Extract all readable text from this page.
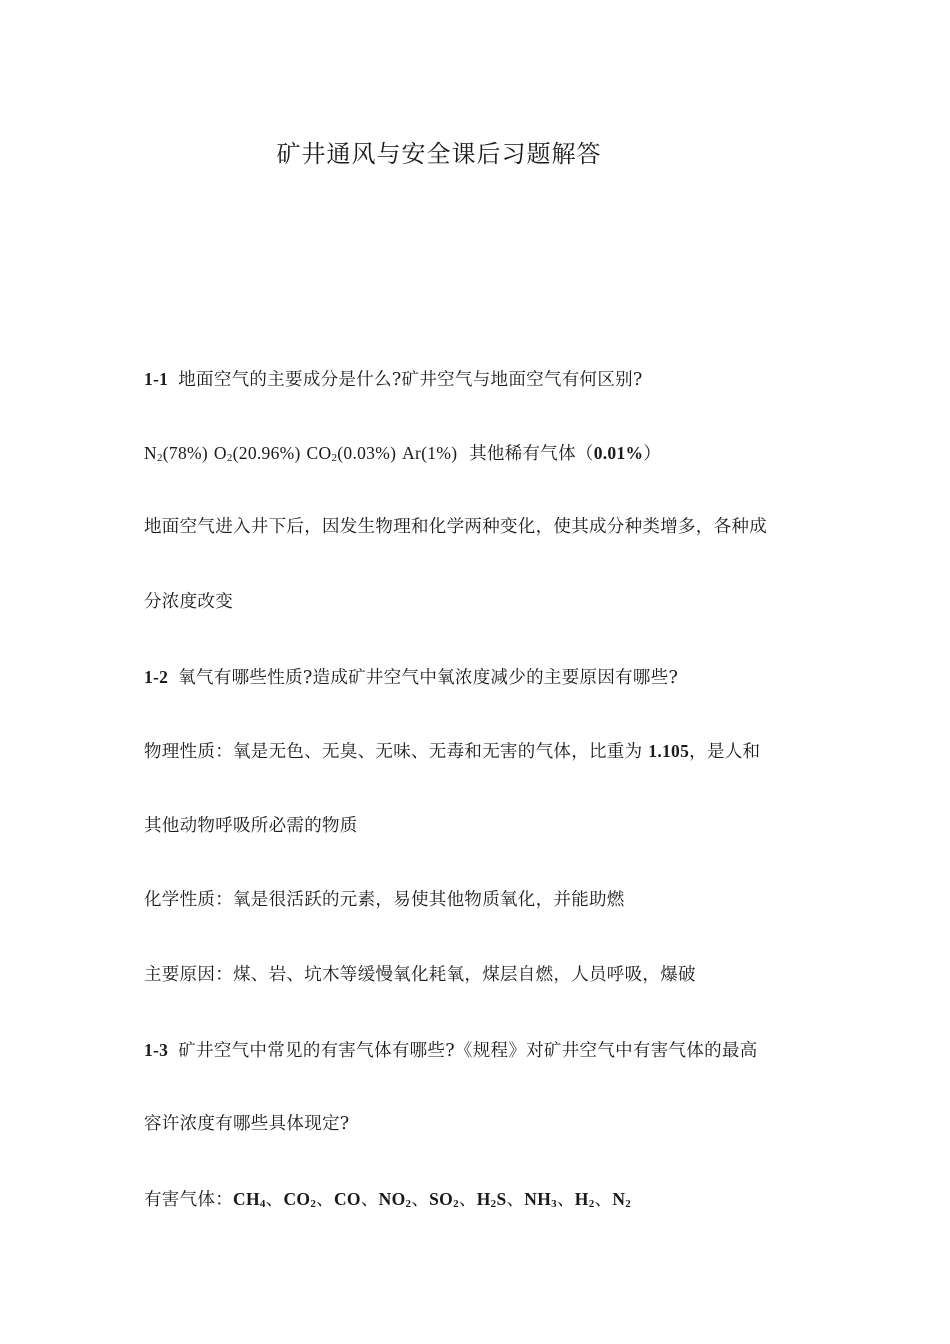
矿井通风与安全课后习题解答
1-1 地面空气的主要成分是什么?矿井空气与地面空气有何区别?
$N_2(78\%)$ $O_2(20.96\%)$ $CO_2(0.03\%)$ Ar(1%) 其他稀有气体（0.01%）
地面空气进入井下后，因发生物理和化学两种变化，使其成分种类增多，各种成
分浓度改变
1-2 氧气有哪些性质?造成矿井空气中氧浓度减少的主要原因有哪些?
物理性质：氧是无色、无臭、无味、无毒和无害的气体，比重为 1.105，是人和
其他动物呼吸所必需的物质
化学性质：氧是很活跃的元素，易使其他物质氧化，并能助燃
主要原因：煤、岩、坑木等缓慢氧化耗氧，煤层自燃，人员呼吸，爆破
1-3 矿井空气中常见的有害气体有哪些?《规程》对矿井空气中有害气体的最高
容许浓度有哪些具体现定?
有害气体：$CH_4$、$CO_2$、CO、$NO_2$、$SO_2$、$H_2S$、$NH_3$、$H_2$、$N_2$
